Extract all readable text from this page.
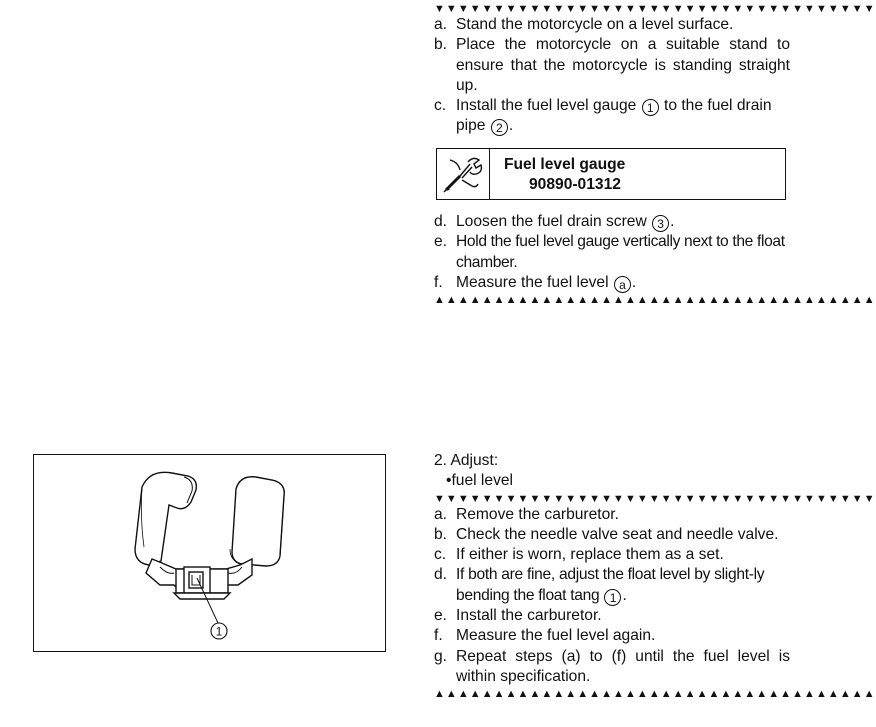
▼▼▼▼▼▼▼▼▼▼▼▼▼▼▼▼▼▼▼▼▼▼▼▼▼▼▼▼▼▼▼▼▼▼▼▼▼
a. Stand the motorcycle on a level surface.
b. Place the motorcycle on a suitable stand to ensure that the motorcycle is standing straight up.
c. Install the fuel level gauge 1 to the fuel drain pipe 2 .
Fuel level gauge
90890-01312
d. Loosen the fuel drain screw 3 .
e. Hold the fuel level gauge vertically next to the float chamber.
f. Measure the fuel level a .
▲▲▲▲▲▲▲▲▲▲▲▲▲▲▲▲▲▲▲▲▲▲▲▲▲▲▲▲▲▲▲▲▲▲▲▲▲
1
2. Adjust:
•fuel level
▼▼▼▼▼▼▼▼▼▼▼▼▼▼▼▼▼▼▼▼▼▼▼▼▼▼▼▼▼▼▼▼▼▼▼▼▼
a. Remove the carburetor.
b. Check the needle valve seat and needle valve.
c. If either is worn, replace them as a set.
d. If both are fine, adjust the float level by slight-ly bending the float tang 1 .
e. Install the carburetor.
f. Measure the fuel level again.
g. Repeat steps (a) to (f) until the fuel level is within specification.
▲▲▲▲▲▲▲▲▲▲▲▲▲▲▲▲▲▲▲▲▲▲▲▲▲▲▲▲▲▲▲▲▲▲▲▲▲
